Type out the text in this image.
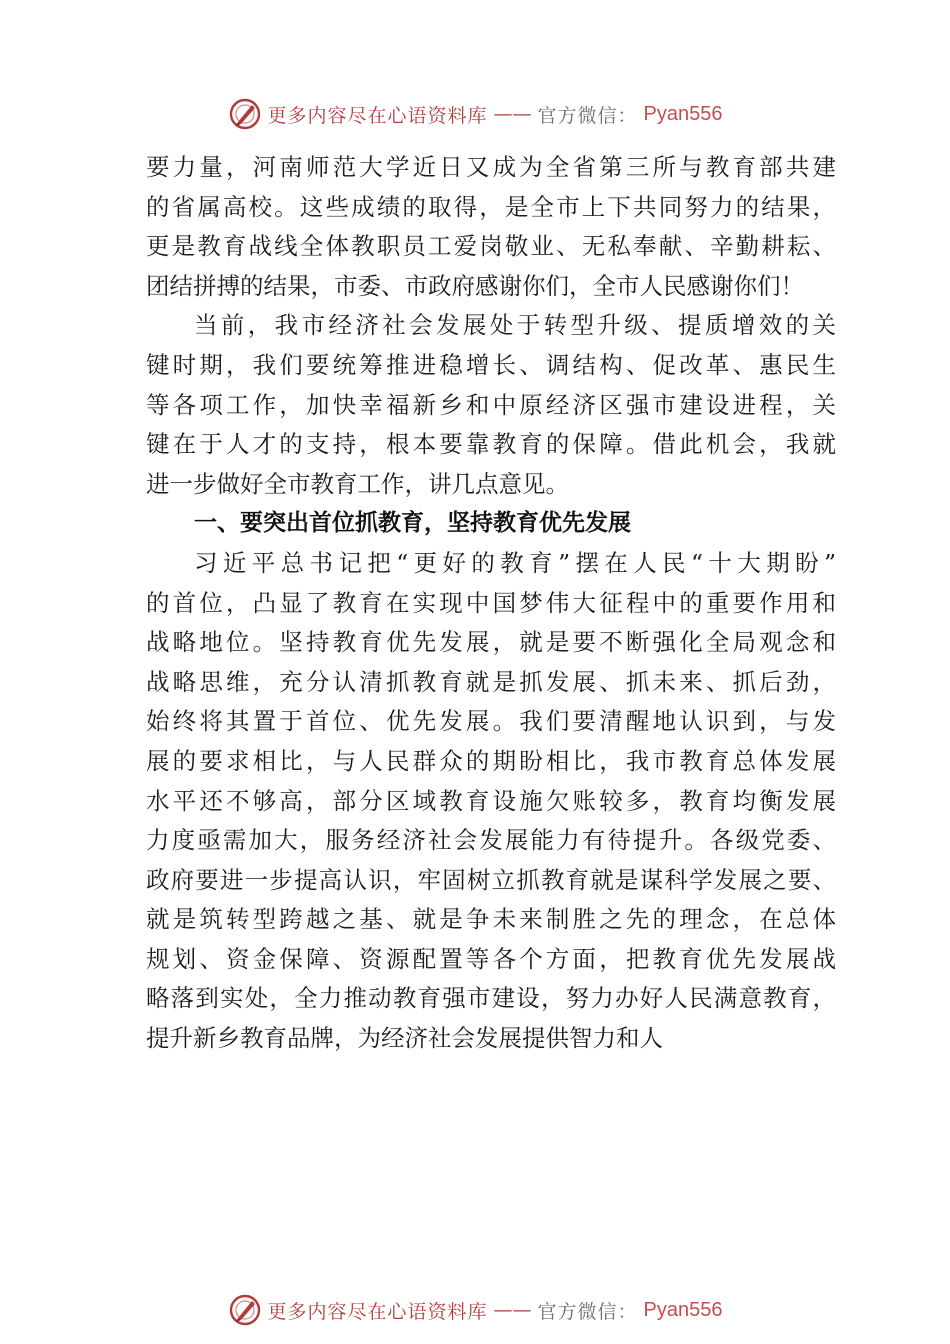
更多内容尽在心语资料库 —— 官方微信： Pyan556
要力量，河南师范大学近日又成为全省第三所与教育部共建
的省属高校。这些成绩的取得，是全市上下共同努力的结果，
更是教育战线全体教职员工爱岗敬业、无私奉献、辛勤耕耘、
团结拼搏的结果，市委、市政府感谢你们，全市人民感谢你们！
当前，我市经济社会发展处于转型升级、提质增效的关
键时期，我们要统筹推进稳增长、调结构、促改革、惠民生
等各项工作，加快幸福新乡和中原经济区强市建设进程，关
键在于人才的支持，根本要靠教育的保障。借此机会，我就
进一步做好全市教育工作，讲几点意见。
一、要突出首位抓教育，坚持教育优先发展
习近平总书记把“更好的教育”摆在人民“十大期盼”
的首位，凸显了教育在实现中国梦伟大征程中的重要作用和
战略地位。坚持教育优先发展，就是要不断强化全局观念和
战略思维，充分认清抓教育就是抓发展、抓未来、抓后劲，
始终将其置于首位、优先发展。我们要清醒地认识到，与发
展的要求相比，与人民群众的期盼相比，我市教育总体发展
水平还不够高，部分区域教育设施欠账较多，教育均衡发展
力度亟需加大，服务经济社会发展能力有待提升。各级党委、
政府要进一步提高认识，牢固树立抓教育就是谋科学发展之要、
就是筑转型跨越之基、就是争未来制胜之先的理念，在总体
规划、资金保障、资源配置等各个方面，把教育优先发展战
略落到实处，全力推动教育强市建设，努力办好人民满意教育，
提升新乡教育品牌，为经济社会发展提供智力和人
更多内容尽在心语资料库 —— 官方微信： Pyan556
